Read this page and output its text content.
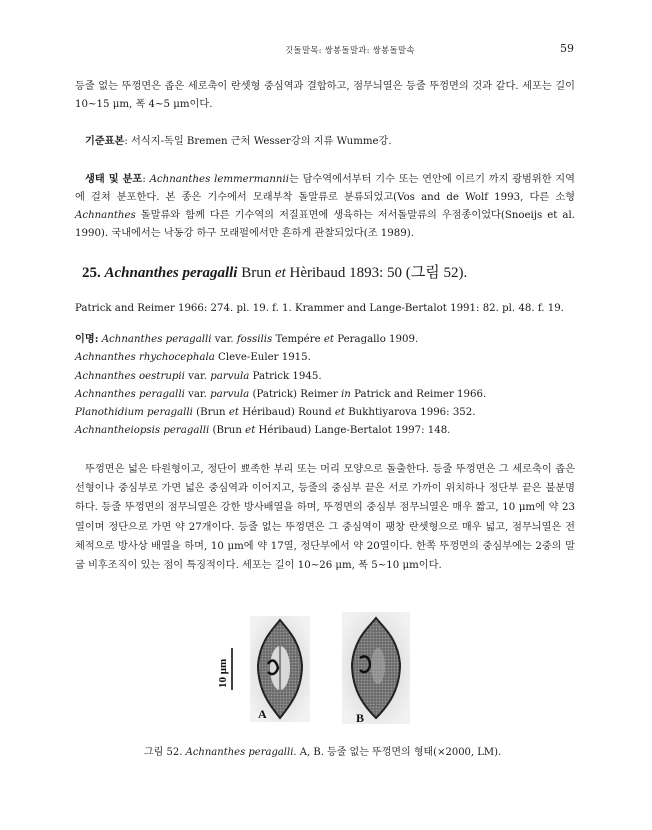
깃돌말목: 쌍봉돌말과: 쌍봉돌말속	59
등줄 없는 뚜껑면은 좁은 세로축이 란셋형 중심역과 결합하고, 점무늬열은 등줄 뚜껑면의 것과 같다. 세포는 길이 10~15 μm, 폭 4~5 μm이다.
기준표본: 서식지-독일 Bremen 근처 Wesser강의 지류 Wumme강.
생태 및 분포: Achnanthes lemmermannii는 담수역에서부터 기수 또는 연안에 이르기 까지 광범위한 지역에 걸쳐 분포한다. 본 종은 기수에서 모래부착 돌말류로 분류되었고(Vos and de Wolf 1993, 다른 소형 Achnanthes 돌말류와 함께 다른 기수역의 저질표면에 생육하는 저서돌말류의 우점종이었다(Snoeijs et al. 1990). 국내에서는 낙동강 하구 모래펄에서만 흔하게 관찰되었다(조 1989).
25. Achnanthes peragalli Brun et Hèribaud 1893: 50 (그림 52).
Patrick and Reimer 1966: 274. pl. 19. f. 1. Krammer and Lange-Bertalot 1991: 82. pl. 48. f. 19.
이명: Achnanthes peragalli var. fossilis Tempére et Peragallo 1909.
Achnanthes rhychocephala Cleve-Euler 1915.
Achnanthes oestrupii var. parvula Patrick 1945.
Achnanthes peragalli var. parvula (Patrick) Reimer in Patrick and Reimer 1966.
Planothidium peragalli (Brun et Héribaud) Round et Bukhtiyarova 1996: 352.
Achnantheiopsis peragalli (Brun et Héribaud) Lange-Bertalot 1997: 148.
뚜껑면은 넓은 타원형이고, 정단이 뾰족한 부리 또는 머리 모양으로 돌출한다. 등줄 뚜껑면은 그 세로축이 좁은 선형이나 중심부로 가면 넓은 중심역과 이어지고, 등줄의 중심부 끝은 서로 가까이 위치하나 정단부 끝은 불분명하다. 등줄 뚜껑면의 점무늬열은 강한 방사배열을 하며, 뚜껑면의 중심부 점무늬열은 매우 짧고, 10 μm에 약 23열이며 정단으로 가면 약 27개이다. 등줄 없는 뚜껑면은 그 중심역이 팽창 란셋형으로 매우 넓고, 점무늬열은 전체적으로 방사상 배열을 하며, 10 μm에 약 17열, 정단부에서 약 20열이다. 한쪽 뚜껑면의 중심부에는 2중의 말굽 비후조직이 있는 점이 특징적이다. 세포는 길이 10~26 μm, 폭 5~10 μm이다.
10 μm
A	B
그림 52. Achnanthes peragalli. A, B. 등줄 없는 뚜껑면의 형태(×2000, LM).
